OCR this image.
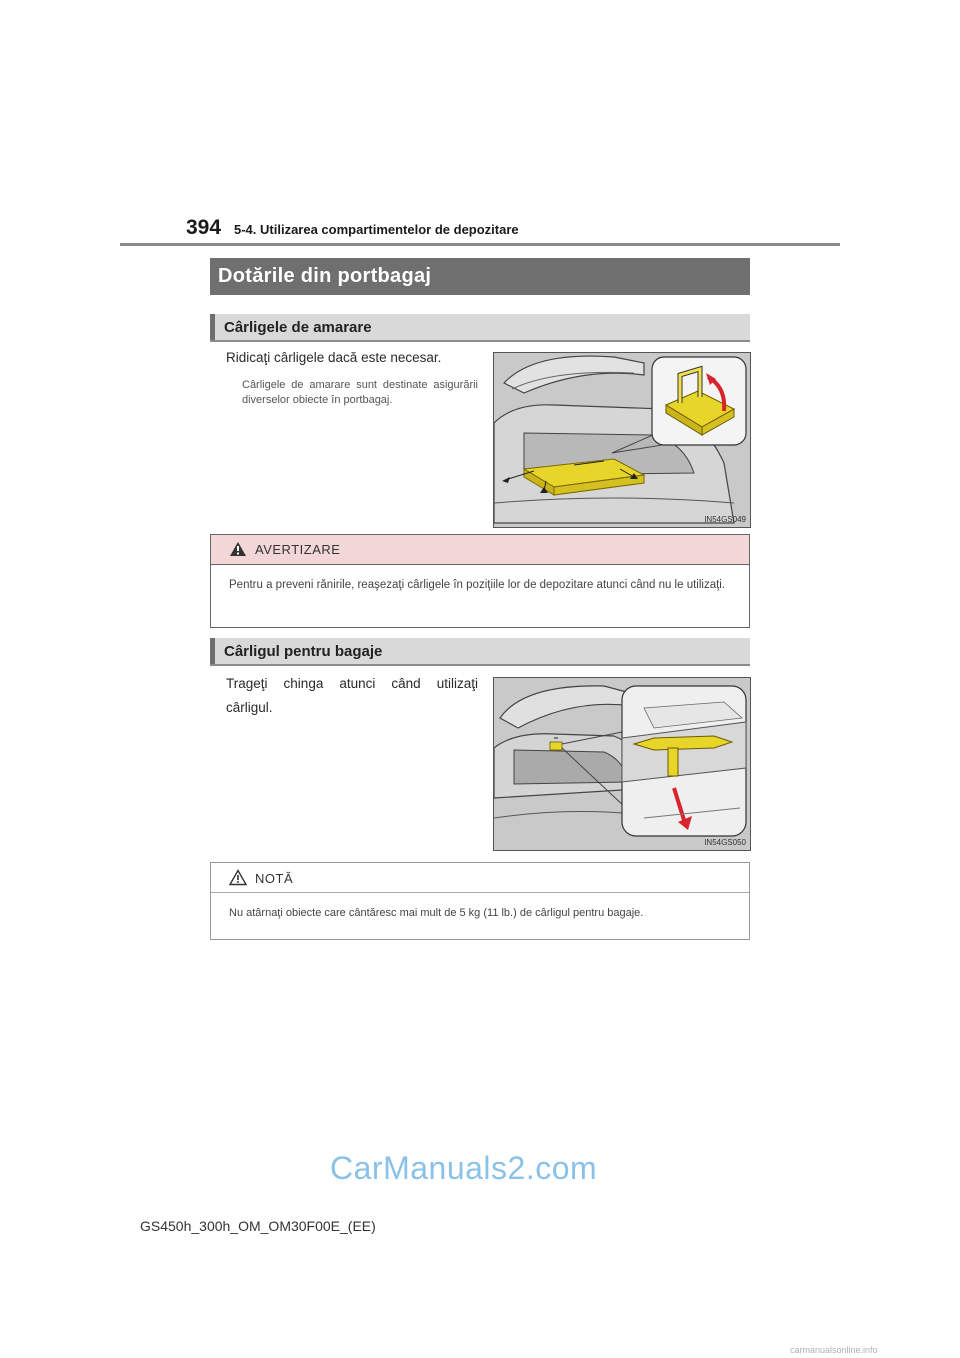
394 5-4. Utilizarea compartimentelor de depozitare
Dotările din portbagaj
Cârligele de amarare
Ridicaţi cârligele dacă este necesar.
Cârligele de amarare sunt destinate asigurării diverselor obiecte în portbagaj.
IN54GS049
AVERTIZARE
Pentru a preveni rănirile, reaşezaţi cârligele în poziţiile lor de depozitare atunci când nu le utilizaţi.
Cârligul pentru bagaje
Trageţi chinga atunci când utilizaţi cârligul.
IN54GS050
NOTĂ
Nu atârnaţi obiecte care cântăresc mai mult de 5 kg (11 lb.) de cârligul pentru bagaje.
CarManuals2.com
GS450h_300h_OM_OM30F00E_(EE)
carmanualsonline.info
